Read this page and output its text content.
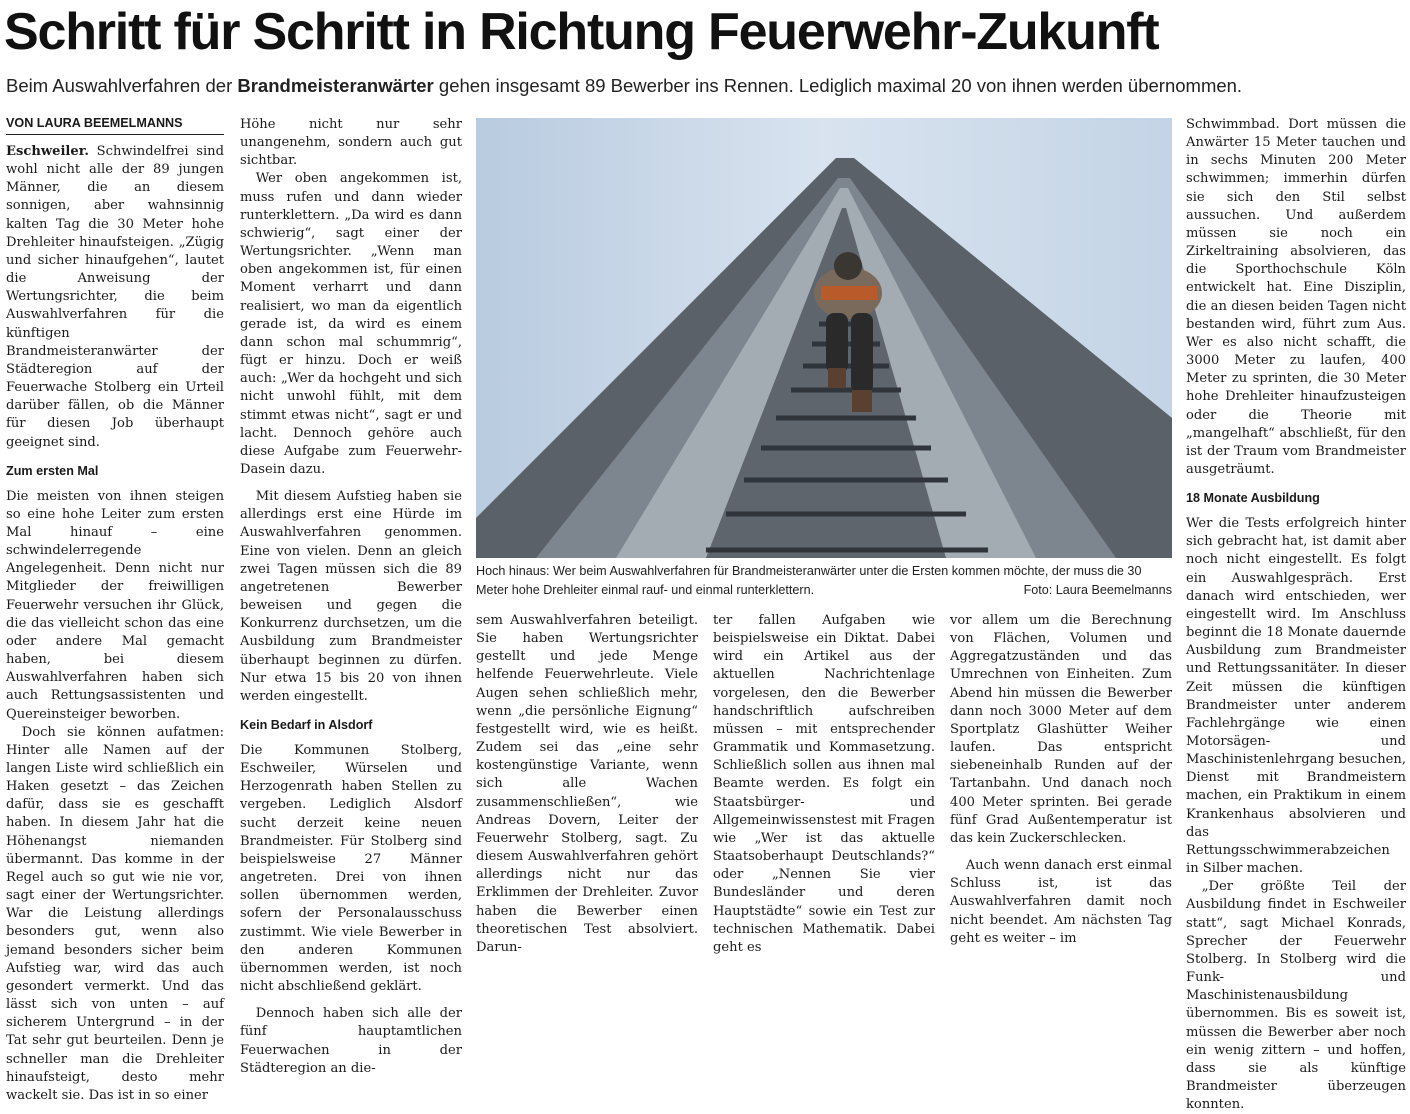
Schritt für Schritt in Richtung Feuerwehr-Zukunft
Beim Auswahlverfahren der Brandmeisteranwärter gehen insgesamt 89 Bewerber ins Rennen. Lediglich maximal 20 von ihnen werden übernommen.
VON LAURA BEEMELMANNS

Eschweiler. Schwindelfrei sind wohl nicht alle der 89 jungen Männer, die an diesem sonnigen, aber wahnsinnig kalten Tag die 30 Meter hohe Drehleiter hinaufsteigen. „Zügig und sicher hinaufgehen“, lautet die Anweisung der Wertungsrichter, die beim Auswahlverfahren für die künftigen Brandmeisteranwärter der Städteregion auf der Feuerwache Stolberg ein Urteil darüber fällen, ob die Männer für diesen Job überhaupt geeignet sind.

Zum ersten Mal

Die meisten von ihnen steigen so eine hohe Leiter zum ersten Mal hinauf – eine schwindelerregende Angelegenheit. Denn nicht nur Mitglieder der freiwilligen Feuerwehr versuchen ihr Glück, die das vielleicht schon das eine oder andere Mal gemacht haben, bei diesem Auswahlverfahren haben sich auch Rettungsassistenten und Quereinsteiger beworben.

Doch sie können aufatmen: Hinter alle Namen auf der langen Liste wird schließlich ein Haken gesetzt – das Zeichen dafür, dass sie es geschafft haben. In diesem Jahr hat die Höhenangst niemanden übermannt. Das komme in der Regel auch so gut wie nie vor, sagt einer der Wertungsrichter. War die Leistung allerdings besonders gut, wenn also jemand besonders sicher beim Aufstieg war, wird das auch gesondert vermerkt. Und das lässt sich von unten – auf sicherem Untergrund – in der Tat sehr gut beurteilen. Denn je schneller man die Drehleiter hinaufsteigt, desto mehr wackelt sie. Das ist in so einer

Höhe nicht nur sehr unangenehm, sondern auch gut sichtbar.

Wer oben angekommen ist, muss rufen und dann wieder runterklettern. „Da wird es dann schwierig“, sagt einer der Wertungsrichter. „Wenn man oben angekommen ist, für einen Moment verharrt und dann realisiert, wo man da eigentlich gerade ist, da wird es einem dann schon mal schummrig“, fügt er hinzu. Doch er weiß auch: „Wer da hochgeht und sich nicht unwohl fühlt, mit dem stimmt etwas nicht“, sagt er und lacht. Dennoch gehöre auch diese Aufgabe zum Feuerwehr-Dasein dazu.

Mit diesem Aufstieg haben sie allerdings erst eine Hürde im Auswahlverfahren genommen. Eine von vielen. Denn an gleich zwei Tagen müssen sich die 89 angetretenen Bewerber beweisen und gegen die Konkurrenz durchsetzen, um die Ausbildung zum Brandmeister überhaupt beginnen zu dürfen. Nur etwa 15 bis 20 von ihnen werden eingestellt.

Kein Bedarf in Alsdorf

Die Kommunen Stolberg, Eschweiler, Würselen und Herzogenrath haben Stellen zu vergeben. Lediglich Alsdorf sucht derzeit keine neuen Brandmeister. Für Stolberg sind beispielsweise 27 Männer angetreten. Drei von ihnen sollen übernommen werden, sofern der Personalausschuss zustimmt. Wie viele Bewerber in den anderen Kommunen übernommen werden, ist noch nicht abschließend geklärt.

Dennoch haben sich alle der fünf hauptamtlichen Feuerwachen in der Städteregion an die-

Hoch hinaus: Wer beim Auswahlverfahren für Brandmeisteranwärter unter die Ersten kommen möchte, der muss die 30 Meter hohe Drehleiter einmal rauf- und einmal runterklettern.	Foto: Laura Beemelmanns

sem Auswahlverfahren beteiligt. Sie haben Wertungsrichter gestellt und jede Menge helfende Feuerwehrleute. Viele Augen sehen schließlich mehr, wenn „die persönliche Eignung“ festgestellt wird, wie es heißt. Zudem sei das „eine sehr kostengünstige Variante, wenn sich alle Wachen zusammenschließen“, wie Andreas Dovern, Leiter der Feuerwehr Stolberg, sagt. Zu diesem Auswahlverfahren gehört allerdings nicht nur das Erklimmen der Drehleiter. Zuvor haben die Bewerber einen theoretischen Test absolviert. Darun-

ter fallen Aufgaben wie beispielsweise ein Diktat. Dabei wird ein Artikel aus der aktuellen Nachrichtenlage vorgelesen, den die Bewerber handschriftlich aufschreiben müssen – mit entsprechender Grammatik und Kommasetzung. Schließlich sollen aus ihnen mal Beamte werden. Es folgt ein Staatsbürger- und Allgemeinwissenstest mit Fragen wie „Wer ist das aktuelle Staatsoberhaupt Deutschlands?“ oder „Nennen Sie vier Bundesländer und deren Hauptstädte“ sowie ein Test zur technischen Mathematik. Dabei geht es

vor allem um die Berechnung von Flächen, Volumen und Aggregatzuständen und das Umrechnen von Einheiten. Zum Abend hin müssen die Bewerber dann noch 3000 Meter auf dem Sportplatz Glashütter Weiher laufen. Das entspricht siebeneinhalb Runden auf der Tartanbahn. Und danach noch 400 Meter sprinten. Bei gerade fünf Grad Außentemperatur ist das kein Zuckerschlecken.

Auch wenn danach erst einmal Schluss ist, ist das Auswahlverfahren damit noch nicht beendet. Am nächsten Tag geht es weiter – im

Schwimmbad. Dort müssen die Anwärter 15 Meter tauchen und in sechs Minuten 200 Meter schwimmen; immerhin dürfen sie sich den Stil selbst aussuchen. Und außerdem müssen sie noch ein Zirkeltraining absolvieren, das die Sporthochschule Köln entwickelt hat. Eine Disziplin, die an diesen beiden Tagen nicht bestanden wird, führt zum Aus. Wer es also nicht schafft, die 3000 Meter zu laufen, 400 Meter zu sprinten, die 30 Meter hohe Drehleiter hinaufzusteigen oder die Theorie mit „mangelhaft“ abschließt, für den ist der Traum vom Brandmeister ausgeträumt.

18 Monate Ausbildung

Wer die Tests erfolgreich hinter sich gebracht hat, ist damit aber noch nicht eingestellt. Es folgt ein Auswahlgespräch. Erst danach wird entschieden, wer eingestellt wird. Im Anschluss beginnt die 18 Monate dauernde Ausbildung zum Brandmeister und Rettungssanitäter. In dieser Zeit müssen die künftigen Brandmeister unter anderem Fachlehrgänge wie einen Motorsägen- und Maschinistenlehrgang besuchen, Dienst mit Brandmeistern machen, ein Praktikum in einem Krankenhaus absolvieren und das Rettungsschwimmerabzeichen in Silber machen.

„Der größte Teil der Ausbildung findet in Eschweiler statt“, sagt Michael Konrads, Sprecher der Feuerwehr Stolberg. In Stolberg wird die Funk- und Maschinistenausbildung übernommen. Bis es soweit ist, müssen die Bewerber aber noch ein wenig zittern – und hoffen, dass sie als künftige Brandmeister überzeugen konnten.
